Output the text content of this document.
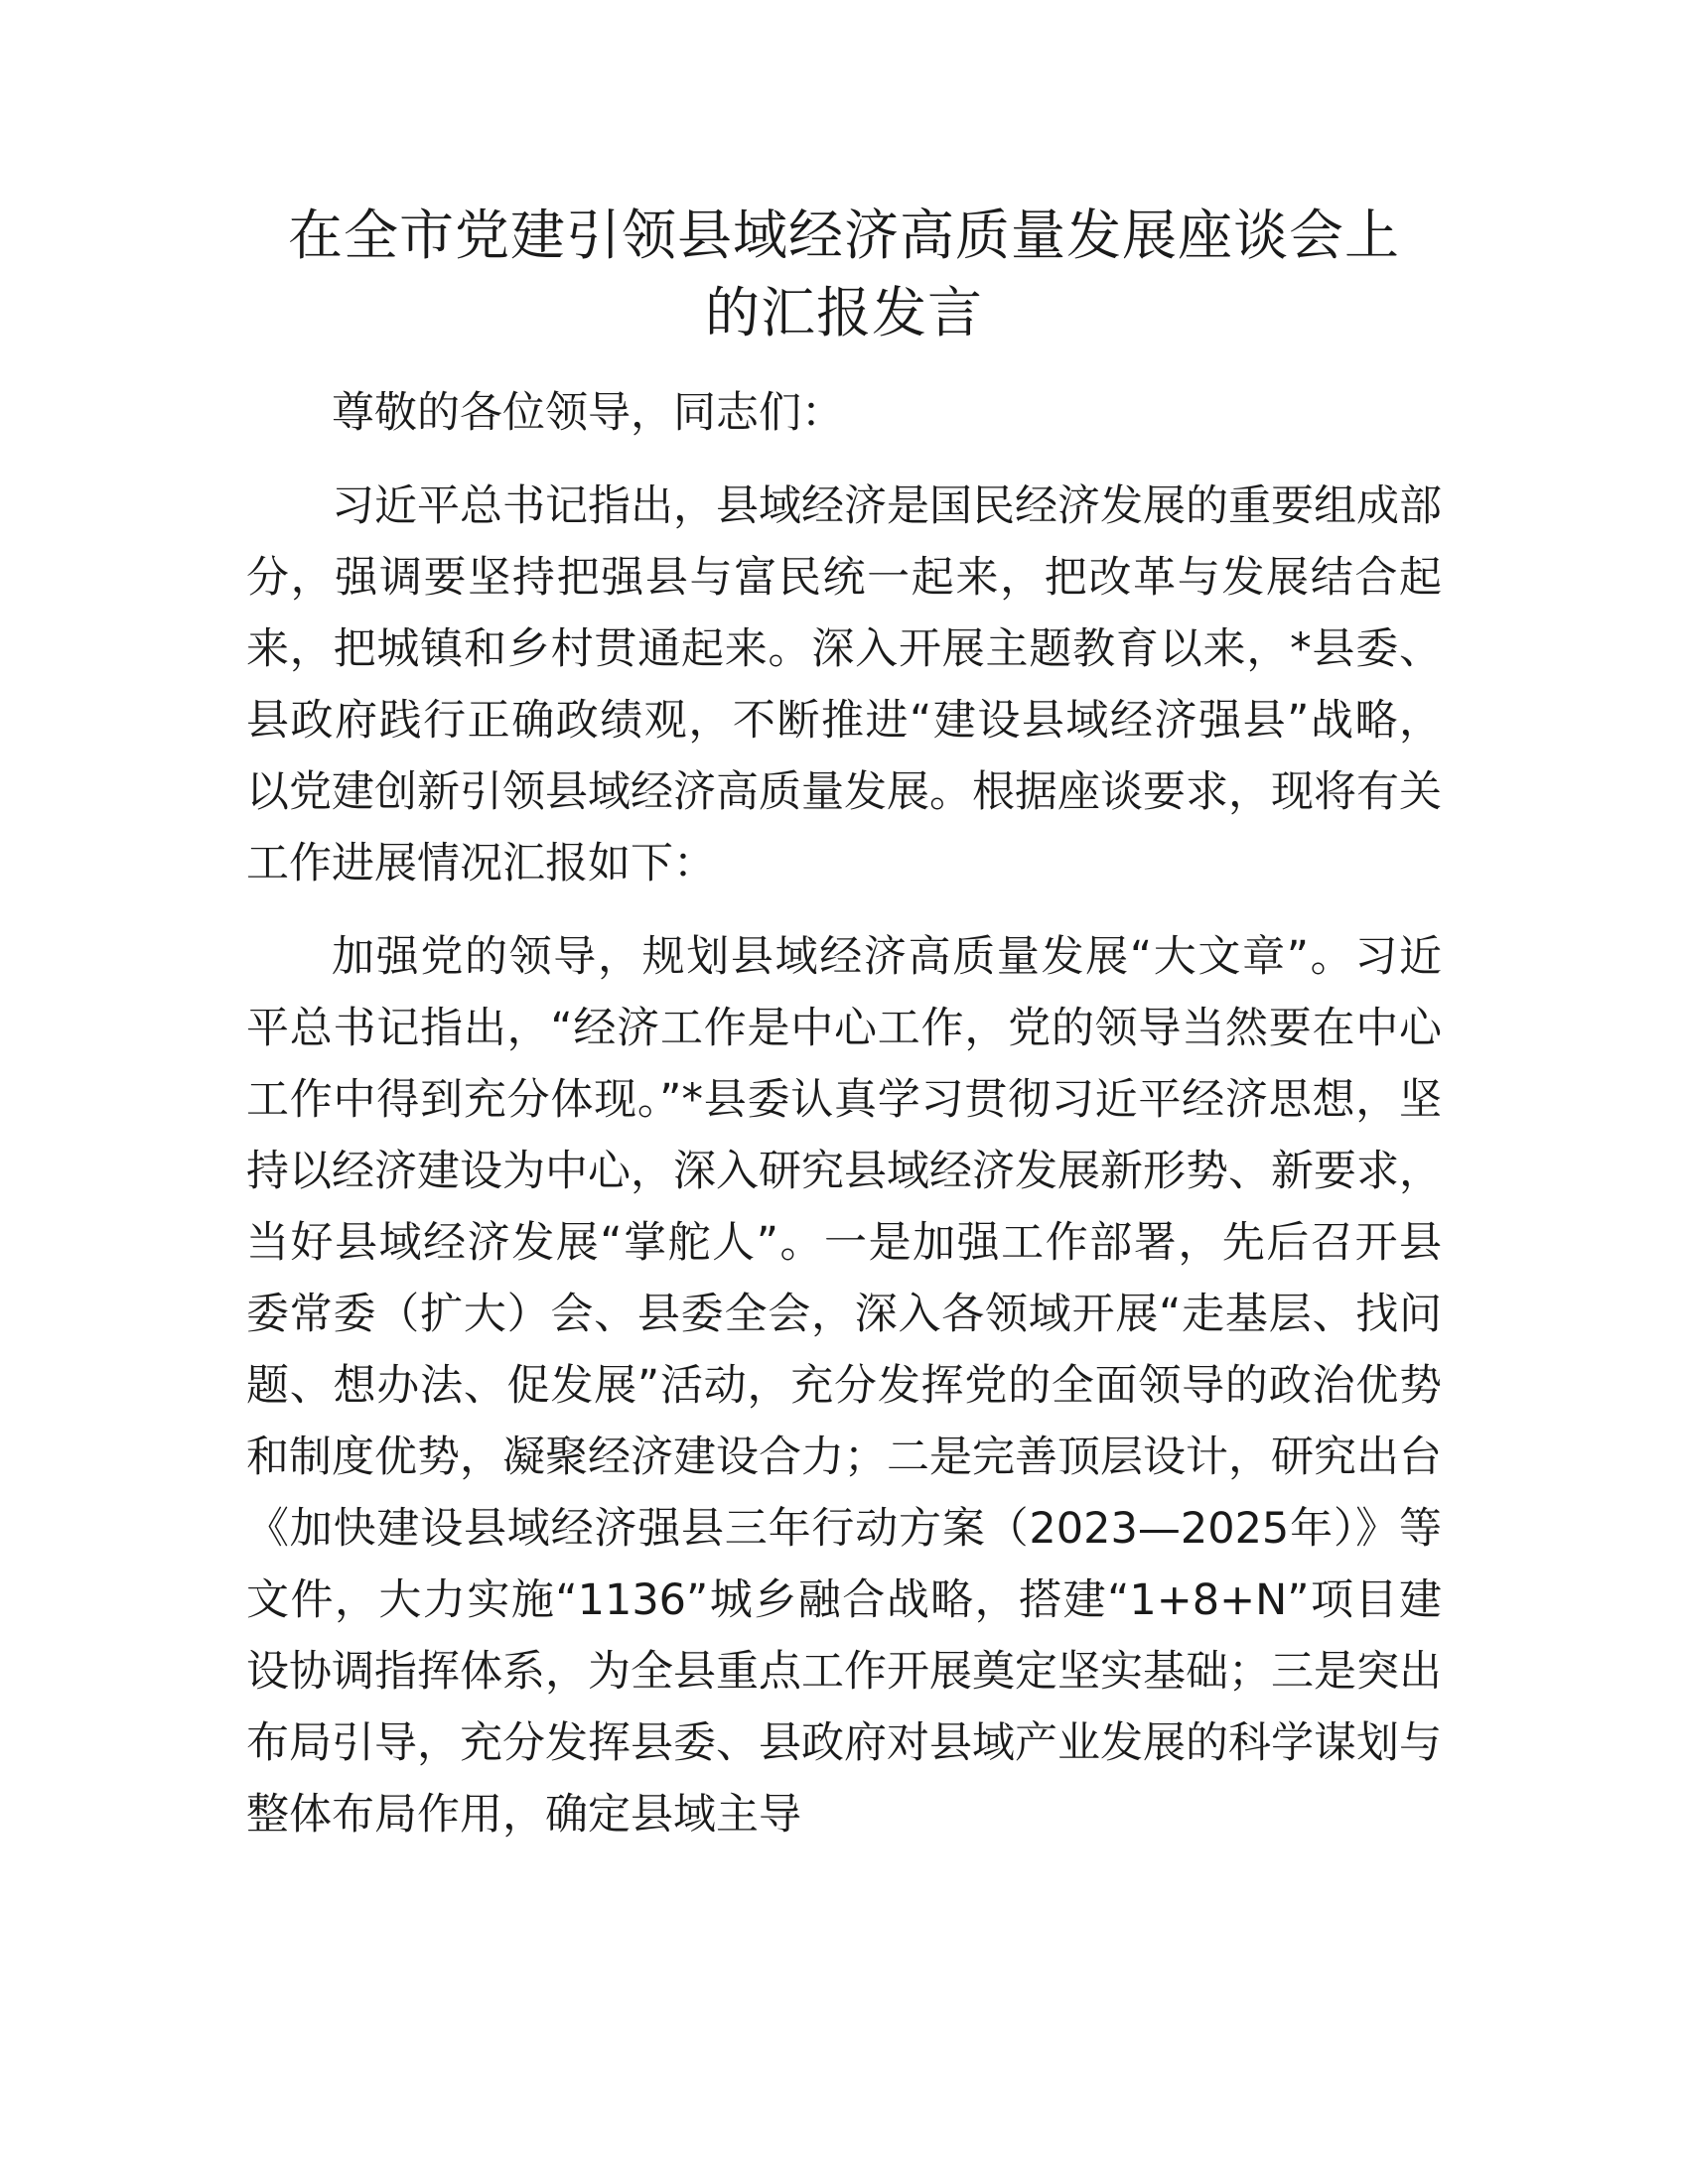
在全市党建引领县域经济高质量发展座谈会上
的汇报发言

尊敬的各位领导，同志们：

习近平总书记指出，县域经济是国民经济发展的重要组成部分，强调要坚持把强县与富民统一起来，把改革与发展结合起来，把城镇和乡村贯通起来。深入开展主题教育以来，*县委、县政府践行正确政绩观，不断推进“建设县域经济强县”战略，以党建创新引领县域经济高质量发展。根据座谈要求，现将有关工作进展情况汇报如下：

加强党的领导，规划县域经济高质量发展“大文章”。习近平总书记指出，“经济工作是中心工作，党的领导当然要在中心工作中得到充分体现。”*县委认真学习贯彻习近平经济思想，坚持以经济建设为中心，深入研究县域经济发展新形势、新要求，当好县域经济发展“掌舵人”。一是加强工作部署，先后召开县委常委（扩大）会、县委全会，深入各领域开展“走基层、找问题、想办法、促发展”活动，充分发挥党的全面领导的政治优势和制度优势，凝聚经济建设合力；二是完善顶层设计，研究出台《加快建设县域经济强县三年行动方案（2023—2025年）》等文件，大力实施“1136”城乡融合战略，搭建“1+8+N”项目建设协调指挥体系，为全县重点工作开展奠定坚实基础；三是突出布局引导，充分发挥县委、县政府对县域产业发展的科学谋划与整体布局作用，确定县域主导
